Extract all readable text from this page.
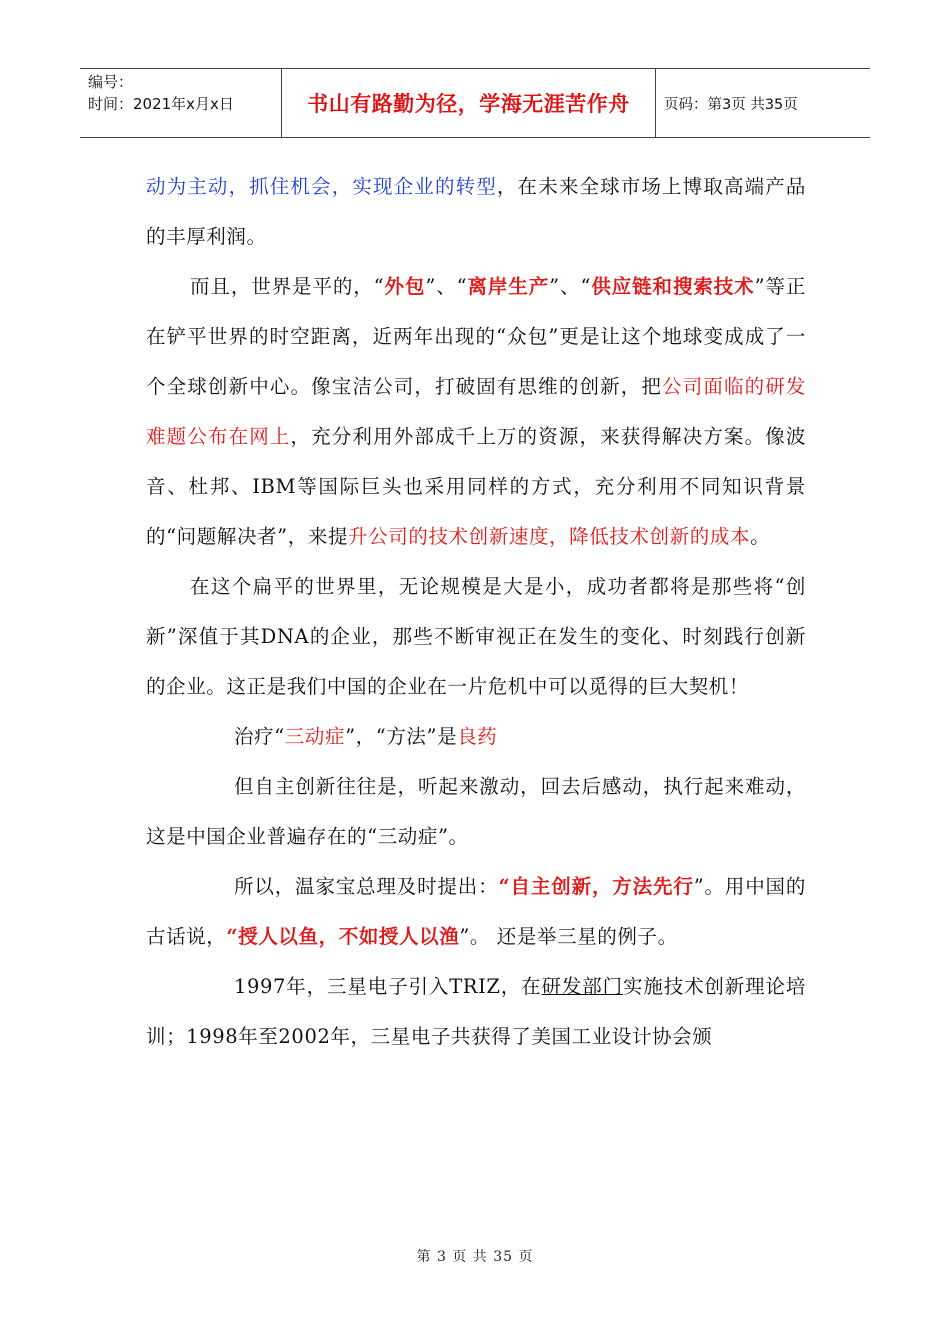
编号：
时间：2021年x月x日	书山有路勤为径，学海无涯苦作舟	页码：第3页 共35页

动为主动，抓住机会，实现企业的转型，在未来全球市场上博取高端产品的丰厚利润。

而且，世界是平的，“外包”、“离岸生产”、“供应链和搜索技术”等正在铲平世界的时空距离，近两年出现的“众包”更是让这个地球变成成了一个全球创新中心。像宝洁公司，打破固有思维的创新，把公司面临的研发难题公布在网上，充分利用外部成千上万的资源，来获得解决方案。像波音、杜邦、IBM等国际巨头也采用同样的方式，充分利用不同知识背景的“问题解决者”，来提升公司的技术创新速度，降低技术创新的成本。

在这个扁平的世界里，无论规模是大是小，成功者都将是那些将“创新”深值于其DNA的企业，那些不断审视正在发生的变化、时刻践行创新的企业。这正是我们中国的企业在一片危机中可以觅得的巨大契机！

治疗“三动症”，“方法”是良药

但自主创新往往是，听起来激动，回去后感动，执行起来难动，这是中国企业普遍存在的“三动症”。

所以，温家宝总理及时提出：“自主创新，方法先行”。用中国的古话说，“授人以鱼，不如授人以渔”。 还是举三星的例子。

1997年，三星电子引入TRIZ，在研发部门实施技术创新理论培训；1998年至2002年，三星电子共获得了美国工业设计协会颁

第 3 页 共 35 页
